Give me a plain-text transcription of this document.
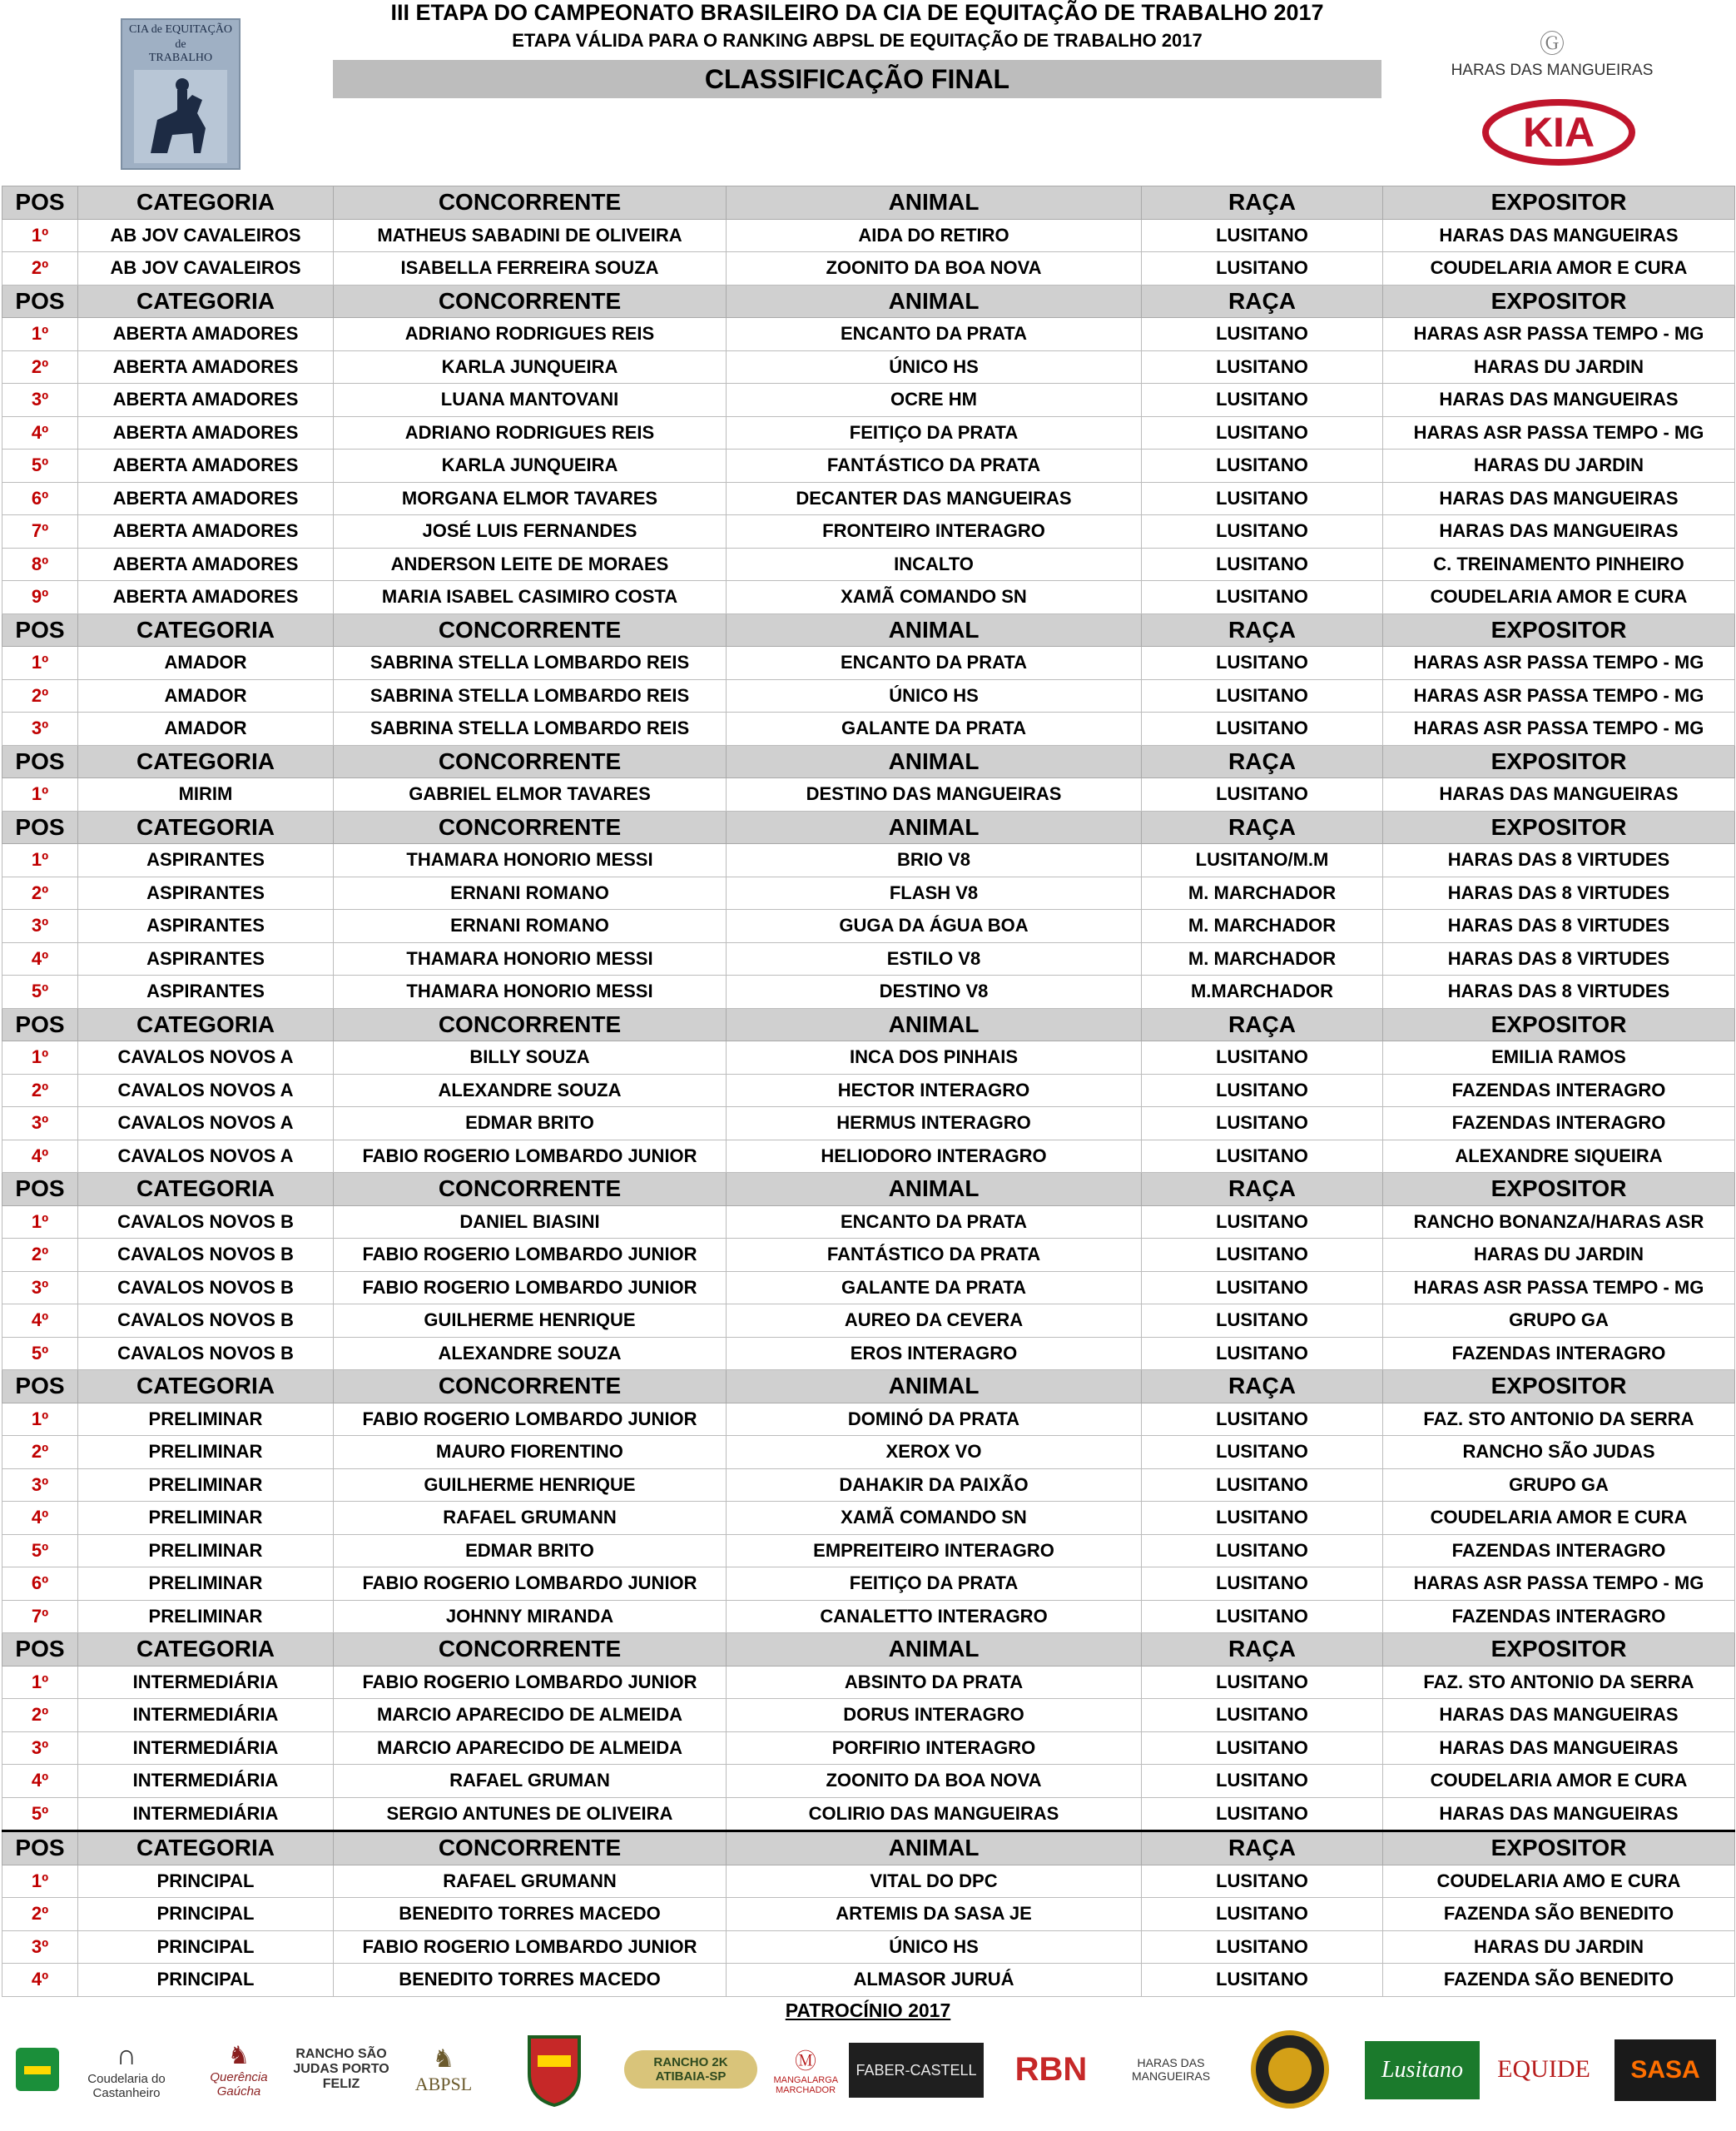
CIA de EQUITAÇÃO
de
TRABALHO
III ETAPA DO CAMPEONATO BRASILEIRO DA CIA DE EQUITAÇÃO DE TRABALHO 2017
ETAPA VÁLIDA PARA O RANKING ABPSL DE EQUITAÇÃO DE TRABALHO 2017
CLASSIFICAÇÃO FINAL
Ⓖ
HARAS DAS MANGUEIRAS
KIA
POS	CATEGORIA	CONCORRENTE	ANIMAL	RAÇA	EXPOSITOR
1º	AB JOV CAVALEIROS	MATHEUS SABADINI DE OLIVEIRA	AIDA DO RETIRO	LUSITANO	HARAS DAS MANGUEIRAS
2º	AB JOV CAVALEIROS	ISABELLA FERREIRA SOUZA	ZOONITO DA BOA NOVA	LUSITANO	COUDELARIA AMOR E CURA
POS	CATEGORIA	CONCORRENTE	ANIMAL	RAÇA	EXPOSITOR
1º	ABERTA AMADORES	ADRIANO RODRIGUES REIS	ENCANTO DA PRATA	LUSITANO	HARAS ASR PASSA TEMPO - MG
2º	ABERTA AMADORES	KARLA JUNQUEIRA	ÚNICO HS	LUSITANO	HARAS DU JARDIN
3º	ABERTA AMADORES	LUANA MANTOVANI	OCRE HM	LUSITANO	HARAS DAS MANGUEIRAS
4º	ABERTA AMADORES	ADRIANO RODRIGUES REIS	FEITIÇO DA PRATA	LUSITANO	HARAS ASR PASSA TEMPO - MG
5º	ABERTA AMADORES	KARLA JUNQUEIRA	FANTÁSTICO DA PRATA	LUSITANO	HARAS DU JARDIN
6º	ABERTA AMADORES	MORGANA ELMOR TAVARES	DECANTER DAS MANGUEIRAS	LUSITANO	HARAS DAS MANGUEIRAS
7º	ABERTA AMADORES	JOSÉ LUIS FERNANDES	FRONTEIRO INTERAGRO	LUSITANO	HARAS DAS MANGUEIRAS
8º	ABERTA AMADORES	ANDERSON LEITE DE MORAES	INCALTO	LUSITANO	C. TREINAMENTO PINHEIRO
9º	ABERTA AMADORES	MARIA ISABEL CASIMIRO COSTA	XAMÃ COMANDO SN	LUSITANO	COUDELARIA AMOR E CURA
POS	CATEGORIA	CONCORRENTE	ANIMAL	RAÇA	EXPOSITOR
1º	AMADOR	SABRINA STELLA LOMBARDO REIS	ENCANTO DA PRATA	LUSITANO	HARAS ASR PASSA TEMPO - MG
2º	AMADOR	SABRINA STELLA LOMBARDO REIS	ÚNICO HS	LUSITANO	HARAS ASR PASSA TEMPO - MG
3º	AMADOR	SABRINA STELLA LOMBARDO REIS	GALANTE DA PRATA	LUSITANO	HARAS ASR PASSA TEMPO - MG
POS	CATEGORIA	CONCORRENTE	ANIMAL	RAÇA	EXPOSITOR
1º	MIRIM	GABRIEL ELMOR TAVARES	DESTINO DAS MANGUEIRAS	LUSITANO	HARAS DAS MANGUEIRAS
POS	CATEGORIA	CONCORRENTE	ANIMAL	RAÇA	EXPOSITOR
1º	ASPIRANTES	THAMARA HONORIO MESSI	BRIO V8	LUSITANO/M.M	HARAS DAS 8 VIRTUDES
2º	ASPIRANTES	ERNANI ROMANO	FLASH V8	M. MARCHADOR	HARAS DAS 8 VIRTUDES
3º	ASPIRANTES	ERNANI ROMANO	GUGA DA ÁGUA BOA	M. MARCHADOR	HARAS DAS 8 VIRTUDES
4º	ASPIRANTES	THAMARA HONORIO MESSI	ESTILO V8	M. MARCHADOR	HARAS DAS 8 VIRTUDES
5º	ASPIRANTES	THAMARA HONORIO MESSI	DESTINO V8	M.MARCHADOR	HARAS DAS 8 VIRTUDES
POS	CATEGORIA	CONCORRENTE	ANIMAL	RAÇA	EXPOSITOR
1º	CAVALOS NOVOS A	BILLY SOUZA	INCA DOS PINHAIS	LUSITANO	EMILIA RAMOS
2º	CAVALOS NOVOS A	ALEXANDRE SOUZA	HECTOR INTERAGRO	LUSITANO	FAZENDAS INTERAGRO
3º	CAVALOS NOVOS A	EDMAR BRITO	HERMUS INTERAGRO	LUSITANO	FAZENDAS INTERAGRO
4º	CAVALOS NOVOS A	FABIO ROGERIO LOMBARDO JUNIOR	HELIODORO INTERAGRO	LUSITANO	ALEXANDRE SIQUEIRA
POS	CATEGORIA	CONCORRENTE	ANIMAL	RAÇA	EXPOSITOR
1º	CAVALOS NOVOS B	DANIEL BIASINI	ENCANTO DA PRATA	LUSITANO	RANCHO BONANZA/HARAS ASR
2º	CAVALOS NOVOS B	FABIO ROGERIO LOMBARDO JUNIOR	FANTÁSTICO DA PRATA	LUSITANO	HARAS DU JARDIN
3º	CAVALOS NOVOS B	FABIO ROGERIO LOMBARDO JUNIOR	GALANTE DA PRATA	LUSITANO	HARAS ASR PASSA TEMPO - MG
4º	CAVALOS NOVOS B	GUILHERME HENRIQUE	AUREO DA CEVERA	LUSITANO	GRUPO GA
5º	CAVALOS NOVOS B	ALEXANDRE SOUZA	EROS INTERAGRO	LUSITANO	FAZENDAS INTERAGRO
POS	CATEGORIA	CONCORRENTE	ANIMAL	RAÇA	EXPOSITOR
1º	PRELIMINAR	FABIO ROGERIO LOMBARDO JUNIOR	DOMINÓ DA PRATA	LUSITANO	FAZ. STO ANTONIO DA SERRA
2º	PRELIMINAR	MAURO FIORENTINO	XEROX VO	LUSITANO	RANCHO SÃO JUDAS
3º	PRELIMINAR	GUILHERME HENRIQUE	DAHAKIR DA PAIXÃO	LUSITANO	GRUPO GA
4º	PRELIMINAR	RAFAEL GRUMANN	XAMÃ COMANDO SN	LUSITANO	COUDELARIA AMOR E CURA
5º	PRELIMINAR	EDMAR BRITO	EMPREITEIRO INTERAGRO	LUSITANO	FAZENDAS INTERAGRO
6º	PRELIMINAR	FABIO ROGERIO LOMBARDO JUNIOR	FEITIÇO DA PRATA	LUSITANO	HARAS ASR PASSA TEMPO - MG
7º	PRELIMINAR	JOHNNY MIRANDA	CANALETTO INTERAGRO	LUSITANO	FAZENDAS INTERAGRO
POS	CATEGORIA	CONCORRENTE	ANIMAL	RAÇA	EXPOSITOR
1º	INTERMEDIÁRIA	FABIO ROGERIO LOMBARDO JUNIOR	ABSINTO DA PRATA	LUSITANO	FAZ. STO ANTONIO DA SERRA
2º	INTERMEDIÁRIA	MARCIO APARECIDO DE ALMEIDA	DORUS INTERAGRO	LUSITANO	HARAS DAS MANGUEIRAS
3º	INTERMEDIÁRIA	MARCIO APARECIDO DE ALMEIDA	PORFIRIO INTERAGRO	LUSITANO	HARAS DAS MANGUEIRAS
4º	INTERMEDIÁRIA	RAFAEL GRUMAN	ZOONITO DA BOA NOVA	LUSITANO	COUDELARIA AMOR E CURA
5º	INTERMEDIÁRIA	SERGIO ANTUNES DE OLIVEIRA	COLIRIO DAS MANGUEIRAS	LUSITANO	HARAS DAS MANGUEIRAS
POS	CATEGORIA	CONCORRENTE	ANIMAL	RAÇA	EXPOSITOR
1º	PRINCIPAL	RAFAEL GRUMANN	VITAL DO DPC	LUSITANO	COUDELARIA AMO E CURA
2º	PRINCIPAL	BENEDITO TORRES MACEDO	ARTEMIS DA SASA JE	LUSITANO	FAZENDA SÃO BENEDITO
3º	PRINCIPAL	FABIO ROGERIO LOMBARDO JUNIOR	ÚNICO HS	LUSITANO	HARAS DU JARDIN
4º	PRINCIPAL	BENEDITO TORRES MACEDO	ALMASOR JURUÁ	LUSITANO	FAZENDA SÃO BENEDITO
PATROCÍNIO 2017
∩
Coudelaria do Castanheiro
♞
Querência Gaúcha
RANCHO SÃO JUDAS PORTO FELIZ
♞
ABPSL
RANCHO 2K ATIBAIA-SP
Ⓜ
MANGALARGA MARCHADOR
FABER-CASTELL RBN	HARAS DAS MANGUEIRAS	Lusitano EQUIDE SASA
